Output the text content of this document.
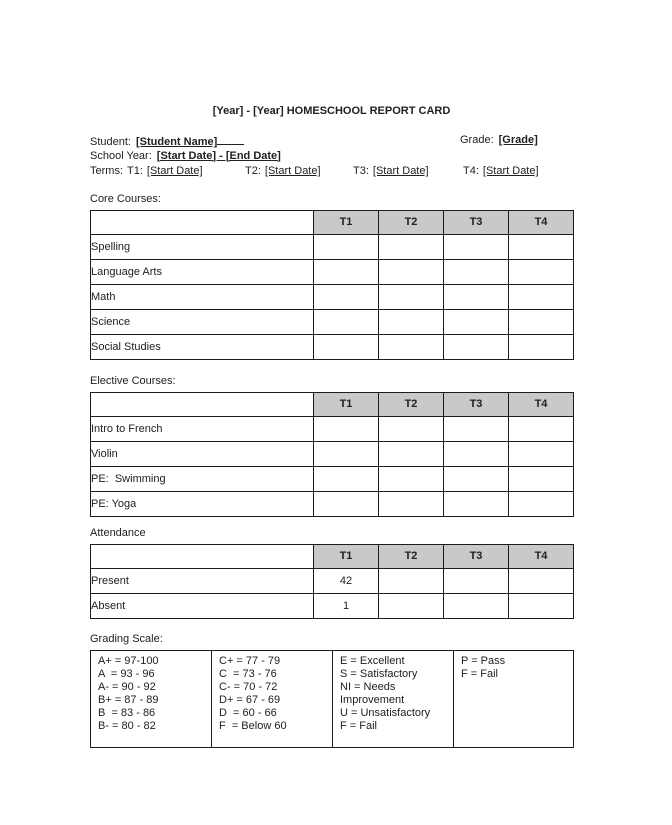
[Year] - [Year] HOMESCHOOL REPORT CARD
Student: [Student Name]	Grade: [Grade]
School Year: [Start Date] - [End Date]
Terms: T1: [Start Date]	T2: [Start Date]	T3: [Start Date]	T4: [Start Date]
Core Courses:
	T1	T2	T3	T4
Spelling				
Language Arts				
Math				
Science				
Social Studies				
Elective Courses:
	T1	T2	T3	T4
Intro to French				
Violin				
PE:  Swimming				
PE: Yoga				
Attendance
	T1	T2	T3	T4
Present	42			
Absent	1			
Grading Scale:
A+ = 97-100
A  = 93 - 96
A- = 90 - 92
B+ = 87 - 89
B  = 83 - 86
B- = 80 - 82

C+ = 77 - 79
C  = 73 - 76
C- = 70 - 72
D+ = 67 - 69
D  = 60 - 66
F  = Below 60

E = Excellent
S = Satisfactory
NI = Needs Improvement
U = Unsatisfactory
F = Fail

P = Pass
F = Fail
